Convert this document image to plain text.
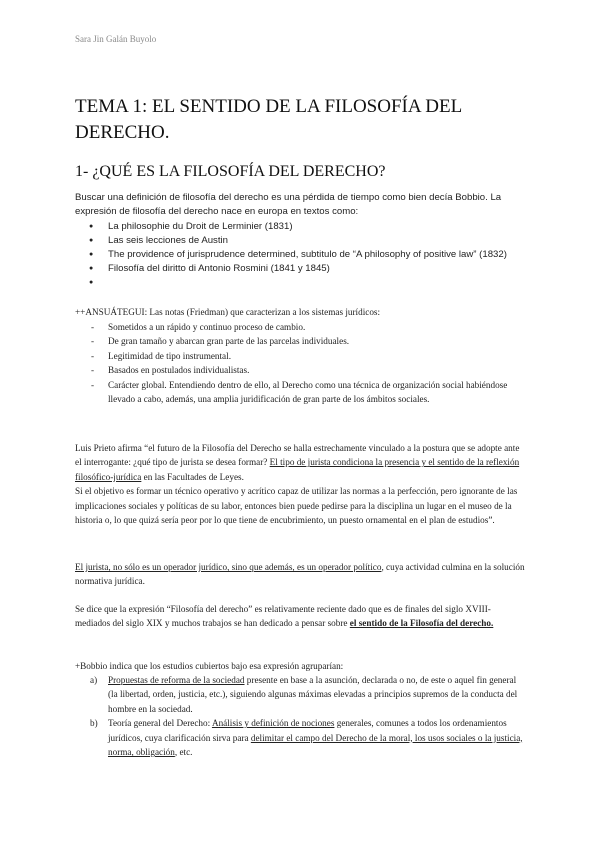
Sara Jin Galán Buyolo
TEMA 1: EL SENTIDO DE LA FILOSOFÍA DEL DERECHO.
1- ¿QUÉ ES LA FILOSOFÍA DEL DERECHO?

Buscar una definición de filosofía del derecho es una pérdida de tiempo como bien decía Bobbio. La expresión de filosofía del derecho nace en europa en textos como:

● La philosophie du Droit de Lerminier (1831)
● Las seis lecciones de Austin
● The providence of jurisprudence determined, subtitulo de “A philosophy of positive law” (1832)
● Filosofía del diritto di Antonio Rosmini (1841 y 1845)
●

++ANSUÁTEGUI: Las notas (Friedman) que caracterizan a los sistemas jurídicos:

- Sometidos a un rápido y continuo proceso de cambio.
- De gran tamaño y abarcan gran parte de las parcelas individuales.
- Legitimidad de tipo instrumental.
- Basados en postulados individualistas.
- Carácter global. Entendiendo dentro de ello, al Derecho como una técnica de organización social habiéndose llevado a cabo, además, una amplia juridificación de gran parte de los ámbitos sociales.
Luis Prieto afirma “el futuro de la Filosofía del Derecho se halla estrechamente vinculado a la postura que se adopte ante el interrogante: ¿qué tipo de jurista se desea formar? El tipo de jurista condiciona la presencia y el sentido de la reflexión filosófico-jurídica en las Facultades de Leyes.
Si el objetivo es formar un técnico operativo y acrítico capaz de utilizar las normas a la perfección, pero ignorante de las implicaciones sociales y políticas de su labor, entonces bien puede pedirse para la disciplina un lugar en el museo de la historia o, lo que quizá sería peor por lo que tiene de encubrimiento, un puesto ornamental en el plan de estudios”.
El jurista, no sólo es un operador jurídico, sino que además, es un operador político, cuya actividad culmina en la solución normativa jurídica.
Se dice que la expresión “Filosofía del derecho” es relativamente reciente dado que es de finales del siglo XVIII- mediados del siglo XIX y muchos trabajos se han dedicado a pensar sobre el sentido de la Filosofía del derecho.

+Bobbio indica que los estudios cubiertos bajo esa expresión agruparían:

a) Propuestas de reforma de la sociedad presente en base a la asunción, declarada o no, de este o aquel fin general (la libertad, orden, justicia, etc.), siguiendo algunas máximas elevadas a principios supremos de la conducta del hombre en la sociedad.
b) Teoría general del Derecho: Análisis y definición de nociones generales, comunes a todos los ordenamientos jurídicos, cuya clarificación sirva para delimitar el campo del Derecho de la moral, los usos sociales o la justicia, norma, obligación, etc.
